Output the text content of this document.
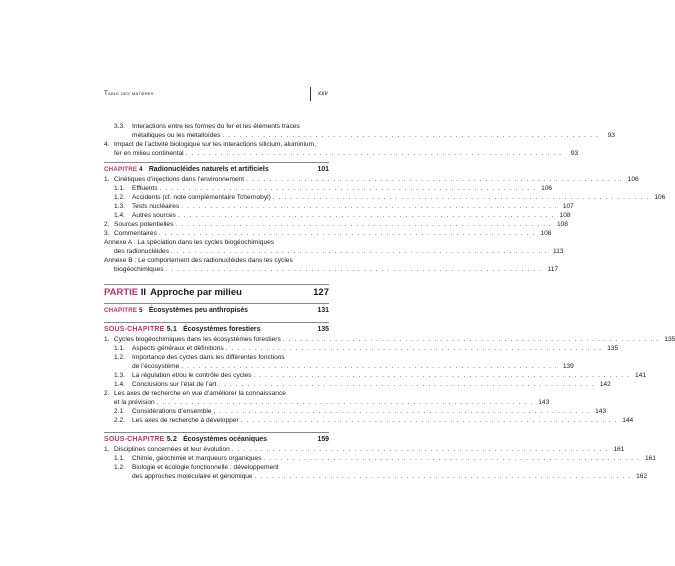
Table des matières	xxv
3.3.	Interactions entre les formes du fer et les éléments traces
métalliques ou les métalloïdes . . .	93
4. Impact de l’activité biologique sur les interactions silicium, aluminium,
fer en milieu continental . . .	93
CHAPITRE 4 Radionucléides naturels et artificiels	101
1. Cinétiques d’injections dans l’environnement . . .	106
1.1.	Effluents . . .	106
1.2.	Accidents (cf. note complémentaire Tchernobyl) . . .	106
1.3.	Tests nucléaires . . .	107
1.4.	Autres sources . . .	108
2. Sources potentielles . . .	108
3. Commentaires . . .	108
Annexe A : La spéciation dans les cycles biogéochimiques
des radionucléides . . .	113
Annexe B : Le comportement des radionucléides dans les cycles
biogéochimiques . . .	117
PARTIE II Approche par milieu	127
CHAPITRE 5 Écosystèmes peu anthropisés	131
SOUS-CHAPITRE 5.1 Écosystèmes forestiers	135
1. Cycles biogéochimiques dans les écosystèmes forestiers . . .	135
1.1.	Aspects généraux et définitions . . .	135
1.2.	Importance des cycles dans les différentes fonctions
de l’écosystème . . .	139
1.3.	La régulation et/ou le contrôle des cycles . . .	141
1.4.	Conclusions sur l’état de l’art . . .	142
2. Les axes de recherche en vue d’améliorer la connaissance
et la prévision . . .	143
2.1.	Considérations d’ensemble . . .	143
2.2.	Les axes de recherche à développer . . .	144
SOUS-CHAPITRE 5.2 Écosystèmes océaniques	159
1. Disciplines concernées et leur évolution . . .	161
1.1.	Chimie, géochimie et marqueurs organiques . . .	161
1.2.	Biologie et écologie fonctionnelle : développement
des approches moléculaire et génomique . . .	162
